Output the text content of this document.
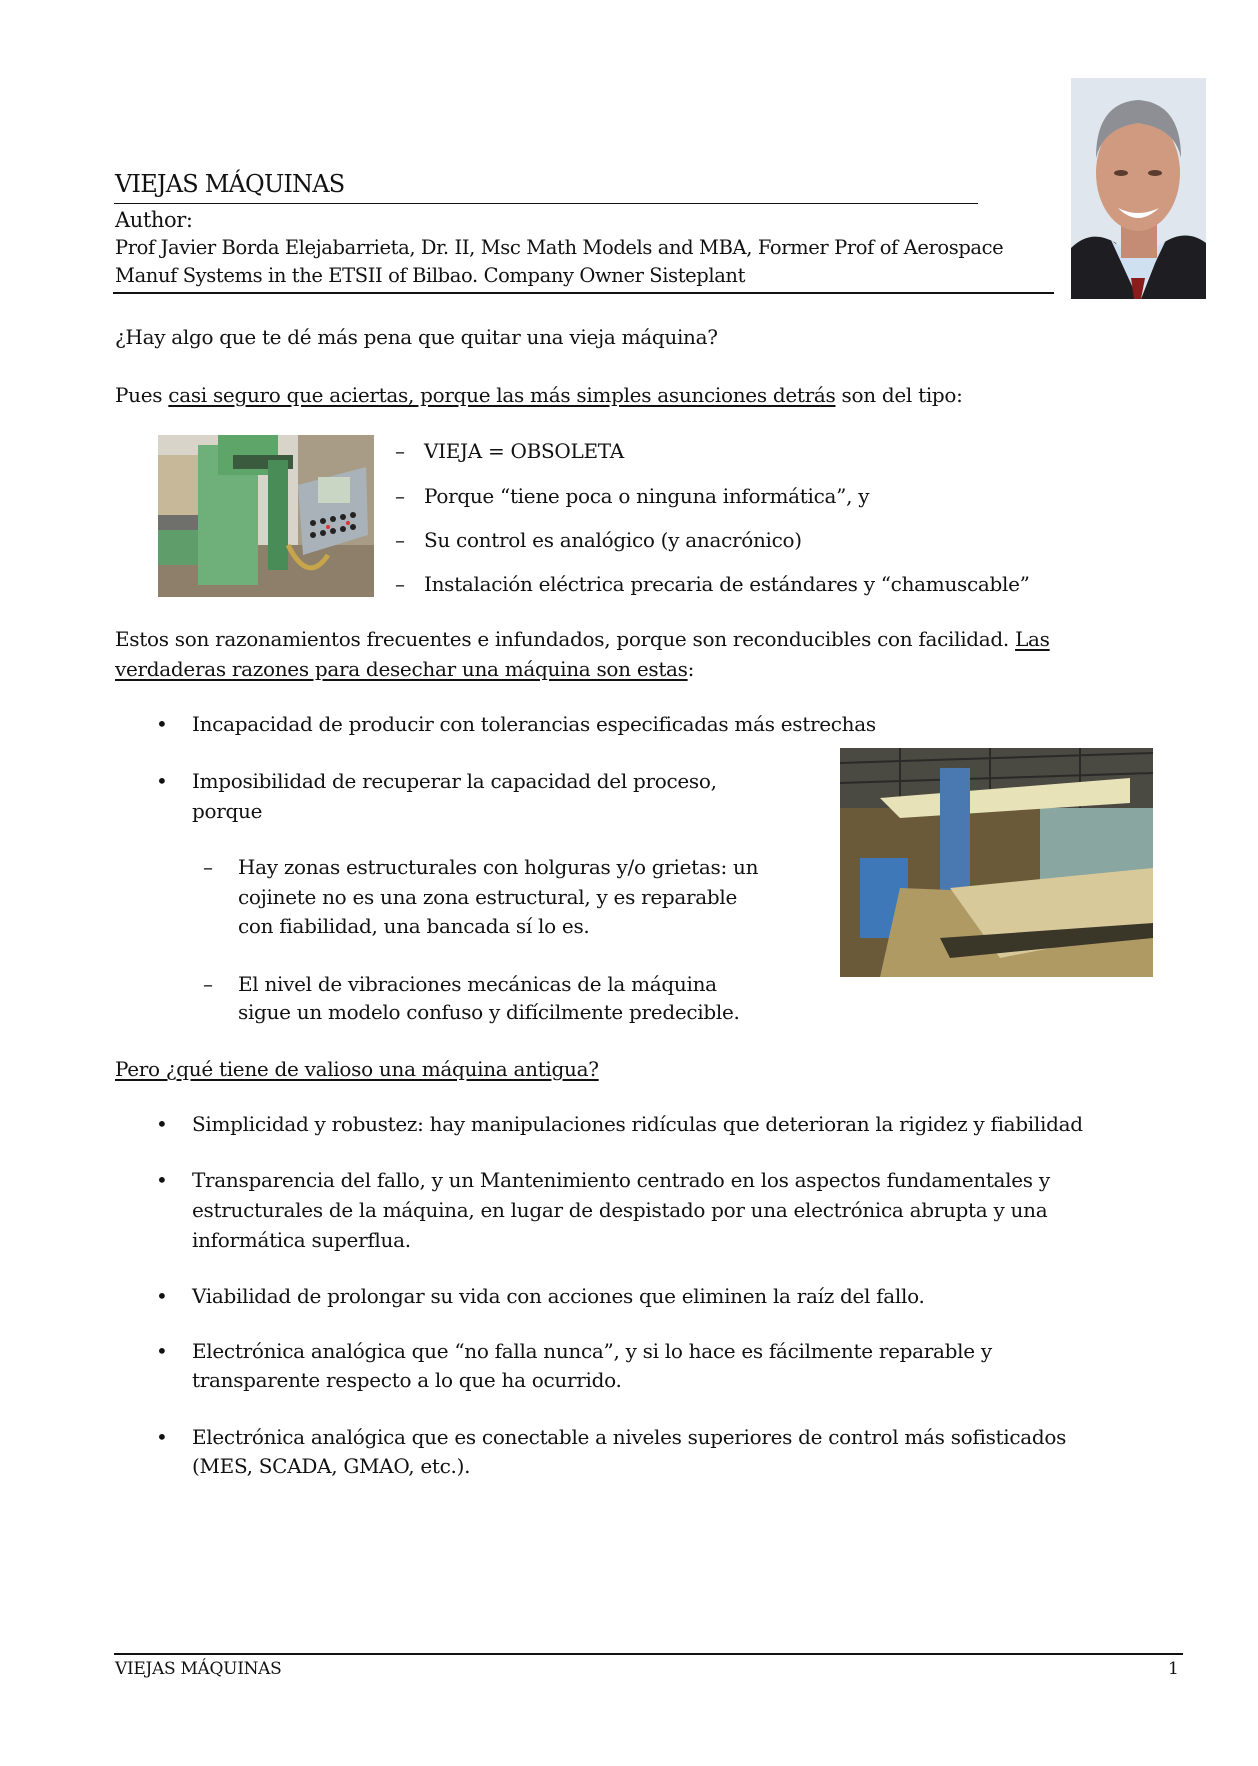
VIEJAS MÁQUINAS
Author:
Prof Javier Borda Elejabarrieta, Dr. II, Msc Math Models and MBA, Former Prof of Aerospace
Manuf Systems in the ETSII of Bilbao. Company Owner Sisteplant
¿Hay algo que te dé más pena que quitar una vieja máquina?
Pues casi seguro que aciertas, porque las más simples asunciones detrás son del tipo:
– VIEJA = OBSOLETA
– Porque “tiene poca o ninguna informática”, y
– Su control es analógico (y anacrónico)
– Instalación eléctrica precaria de estándares y “chamuscable”
Estos son razonamientos frecuentes e infundados, porque son reconducibles con facilidad. Las
verdaderas razones para desechar una máquina son estas:
• Incapacidad de producir con tolerancias especificadas más estrechas
• Imposibilidad de recuperar la capacidad del proceso,
porque
– Hay zonas estructurales con holguras y/o grietas: un
cojinete no es una zona estructural, y es reparable
con fiabilidad, una bancada sí lo es.
– El nivel de vibraciones mecánicas de la máquina
sigue un modelo confuso y difícilmente predecible.
Pero ¿qué tiene de valioso una máquina antigua?
• Simplicidad y robustez: hay manipulaciones ridículas que deterioran la rigidez y fiabilidad
• Transparencia del fallo, y un Mantenimiento centrado en los aspectos fundamentales y
estructurales de la máquina, en lugar de despistado por una electrónica abrupta y una
informática superflua.
• Viabilidad de prolongar su vida con acciones que eliminen la raíz del fallo.
• Electrónica analógica que “no falla nunca”, y si lo hace es fácilmente reparable y
transparente respecto a lo que ha ocurrido.
• Electrónica analógica que es conectable a niveles superiores de control más sofisticados
(MES, SCADA, GMAO, etc.).
VIEJAS MÁQUINAS	1
